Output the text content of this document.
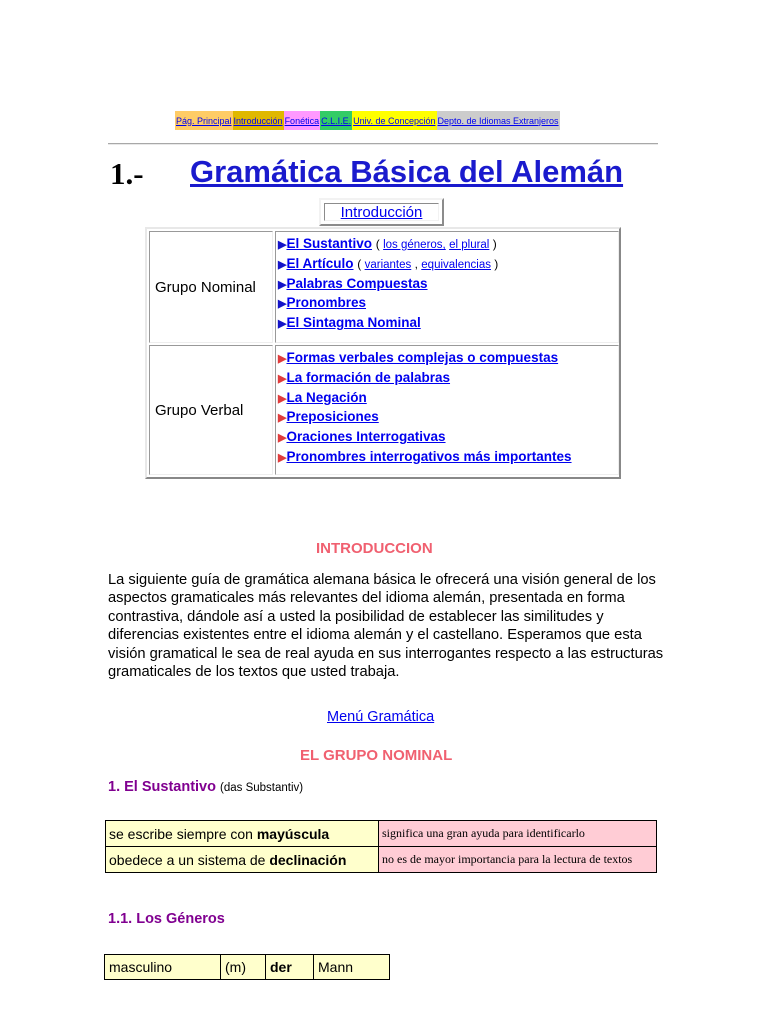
Pág. Principal Introducción Fonética C.L.I.E. Univ. de Concepción Depto. de Idiomas Extranjeros
1.- Gramática Básica del Alemán
Introducción
Grupo Nominal
▶El Sustantivo ( los géneros, el plural )
▶El Artículo ( variantes , equivalencias )
▶Palabras Compuestas
▶Pronombres
▶El Sintagma Nominal
Grupo Verbal
▶Formas verbales complejas o compuestas
▶La formación de palabras
▶La Negación
▶Preposiciones
▶Oraciones Interrogativas
▶Pronombres interrogativos más importantes
INTRODUCCION
La siguiente guía de gramática alemana básica le ofrecerá una visión general de los aspectos gramaticales más relevantes del idioma alemán, presentada en forma contrastiva, dándole así a usted la posibilidad de establecer las similitudes y diferencias existentes entre el idioma alemán y el castellano. Esperamos que esta visión gramatical le sea de real ayuda en sus interrogantes respecto a las estructuras gramaticales de los textos que usted trabaja.
Menú Gramática
EL GRUPO NOMINAL
1. El Sustantivo (das Substantiv)
se escribe siempre con mayúscula	significa una gran ayuda para identificarlo
obedece a un sistema de declinación	no es de mayor importancia para la lectura de textos
1.1. Los Géneros
masculino	(m)	der	Mann
